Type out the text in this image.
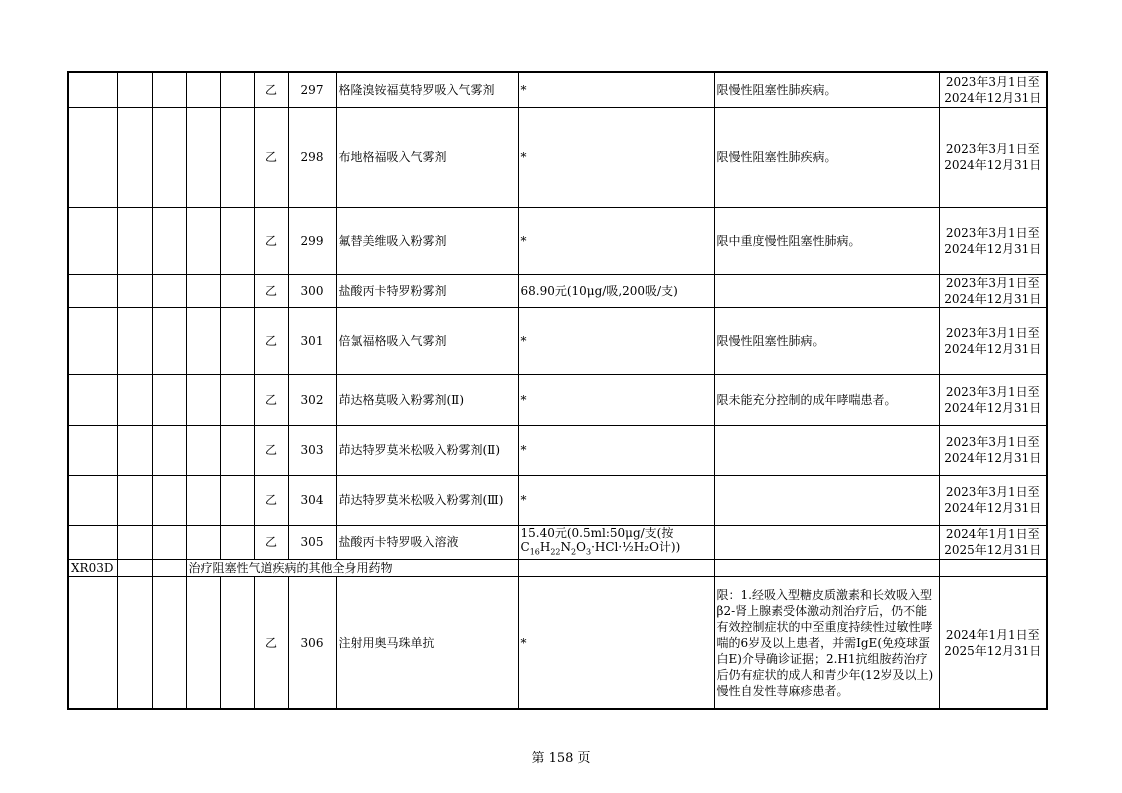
					乙	297	格隆溴铵福莫特罗吸入气雾剂	*	限慢性阻塞性肺疾病。	2023年3月1日至
2024年12月31日
					乙	298	布地格福吸入气雾剂	*	限慢性阻塞性肺疾病。	2023年3月1日至
2024年12月31日
					乙	299	氟替美维吸入粉雾剂	*	限中重度慢性阻塞性肺病。	2023年3月1日至
2024年12月31日
					乙	300	盐酸丙卡特罗粉雾剂	68.90元(10μg/吸,200吸/支)		2023年3月1日至
2024年12月31日
					乙	301	倍氯福格吸入气雾剂	*	限慢性阻塞性肺病。	2023年3月1日至
2024年12月31日
					乙	302	茚达格莫吸入粉雾剂(Ⅱ)	*	限未能充分控制的成年哮喘患者。	2023年3月1日至
2024年12月31日
					乙	303	茚达特罗莫米松吸入粉雾剂(Ⅱ)	*		2023年3月1日至
2024年12月31日
					乙	304	茚达特罗莫米松吸入粉雾剂(Ⅲ)	*		2023年3月1日至
2024年12月31日
					乙	305	盐酸丙卡特罗吸入溶液	15.40元(0.5ml:50μg/支(按
$C_{16}H_{22}N_2O_3\cdot HCl\cdot\frac{1}{2}H_2O$计))		2024年1月1日至
2025年12月31日
XR03D			治疗阻塞性气道疾病的其他全身用药物							
					乙	306	注射用奥马珠单抗	*	限：1.经吸入型糖皮质激素和长效吸入型β2-肾上腺素受体激动剂治疗后，仍不能有效控制症状的中至重度持续性过敏性哮喘的6岁及以上患者，并需IgE(免疫球蛋白E)介导确诊证据；2.H1抗组胺药治疗后仍有症状的成人和青少年(12岁及以上)慢性自发性荨麻疹患者。	2024年1月1日至
2025年12月31日
第 158 页
